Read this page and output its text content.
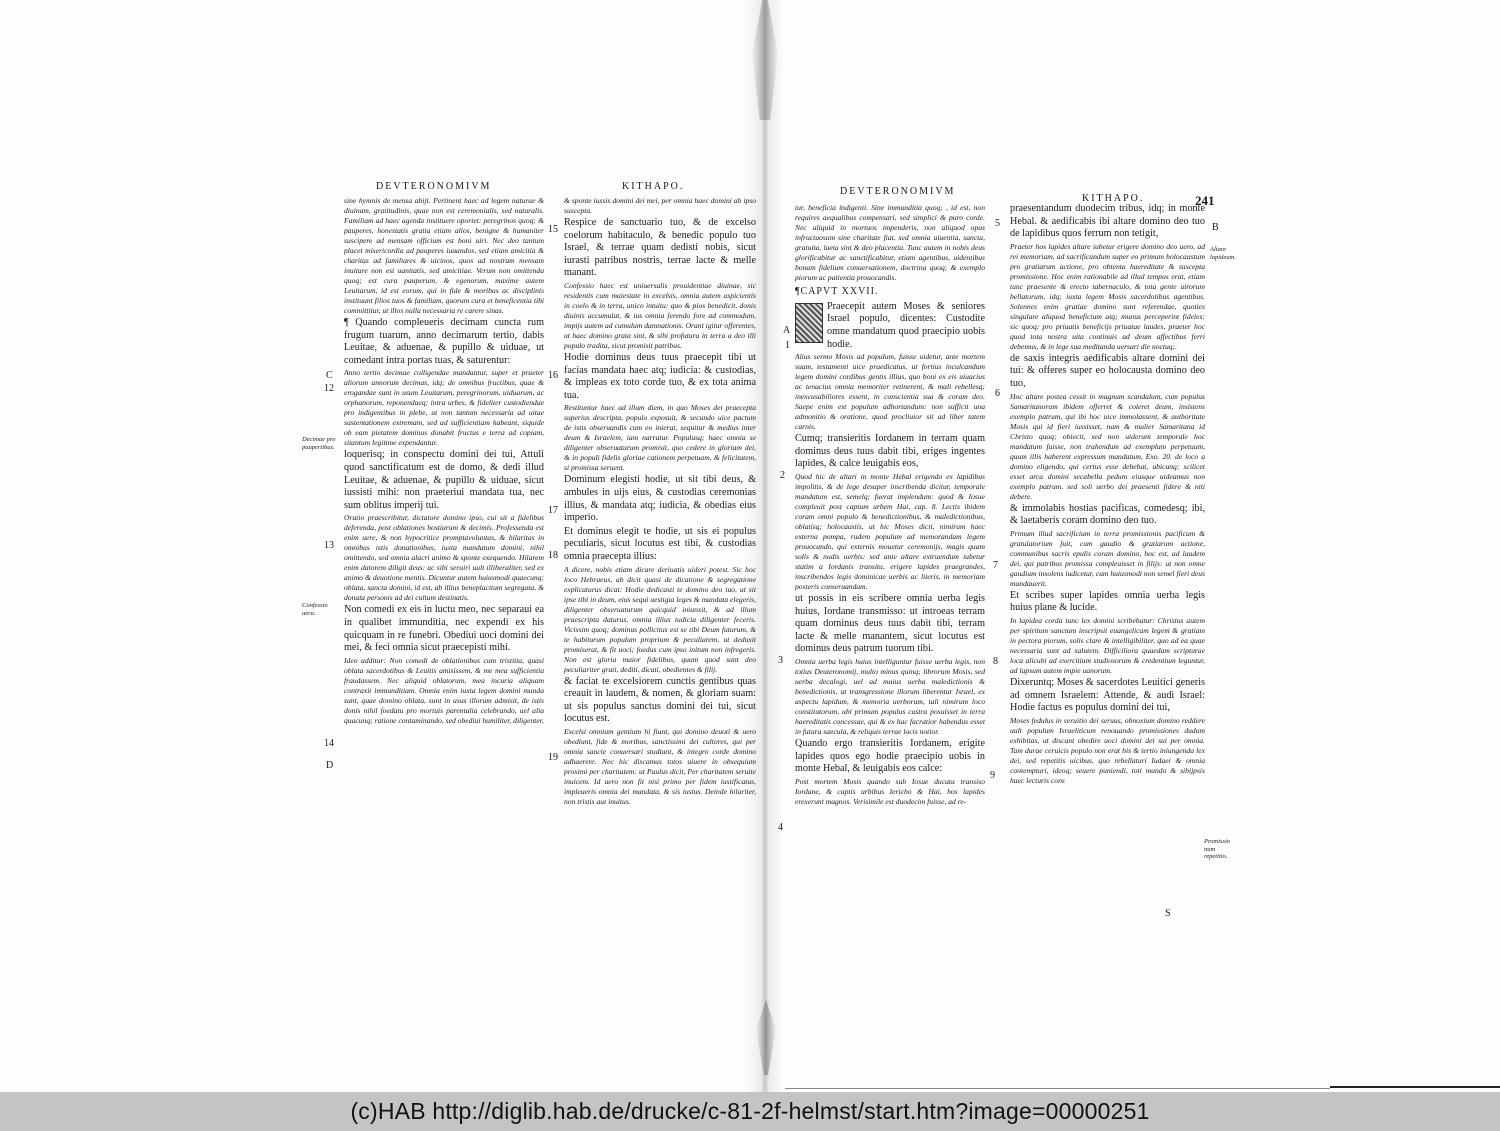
DEVTERONOMIVM	KITHAPO.

sine hymnis de mensa abijt. Pertinent haec ad legem naturae & diuinam, gratitudinis, quae non est ceremonialis, sed naturalis. Familiam ad haec agenda instituere oportet: peregrinos quoq; & pauperes, honestatis gratia etiam alios, benigne & humaniter suscipere ad mensam officium est boni uiri. Nec deo tantum placet misericordia ad pauperes iuuandos, sed etiam amicitia & charitas ad familiares & uicinos, quos ad nostram mensam inuitare non est uanitatis, sed amicitiae. Verum non omittenda quoq; est cura pauperum, & egenorum, maxime autem Leuitarum, id est eorum, qui in fide & moribus ac disciplinis instituunt filios tuos & familiam, quorum cura et beneficentia tibi committitur, ut illos nulla necessaria re carere sinas.

¶ Quando compleueris decimam cuncta rum frugum tuarum, anno decimarum tertio, dabis Leuitae, & aduenae, & pupillo & uiduae, ut comedant intra portas tuas, & saturentur:

Anno tertio decimae colligendae mandantur, super et praeter aliorum annorum decimas, idq; de omnibus fructibus, quae & erogandae sunt in usum Leuitarum, peregrinorum, uiduarum, ac orphanorum, reponendaeq; intra urbes, & fideliter custodiendae pro indigentibus in plebe, ut non tantum necessaria ad uitae sustentationem extremam, sed ad sufficientiam habeant, siquide ob eam pietatem dominus donabit fructus e terra ad copiam, sitantum legitime expendantur.

loquerisq; in conspectu domini dei tui, Attuli quod sanctificatum est de domo, & dedi illud Leuitae, & aduenae, & pupillo & uiduae, sicut iussisti mihi: non praeteriui mandata tua, nec sum oblitus imperij tui.

Oratio praescribitur, dictatore domino ipso, cui sit a fidelibus deferenda, post oblationes hostiarum & decimis. Professenda est enim uere, & non hypocritice promptavoluntas, & hilaritas in omnibus istis donationibus, iuxta mandatum domini, nihil omittendo, sed omnia alacri animo & sponte exequendo. Hilarem enim datorem diligit deus: ac sibi seruiri uult illiberaliter, sed ex animo & deuotione mentis. Dicuntur autem huiusmodi quaecunq; oblata, sancta domini, id est, ab illius beneplacitum segregata, & donata personis ad dei cultum destinatis.

Non comedi ex eis in luctu meo, nec separaui ea in qualibet immunditia, nec expendi ex his quicquam in re funebri. Obediui uoci domini dei mei, & feci omnia sicut praecepisti mihi.

Ideo additur: Non comedi de oblationibus cum tristitia, quasi oblata sacerdotibus & Leuitis amisissem, & me mea sufficientia fraudassem. Nec aliquid oblatorum, mea incuria aliquam contraxit immunditiam. Omnia enim iuxta legem domini munda sunt, quae domino oblata, sunt in usus illorum admisit, de istis donis nihil foedatu pro mortuis parentalia celebrando, uel alia quacunq; ratione contaminando, sed obediui humiliter, diligenter,

& sponte iussis domini dei mei, per omnia haec domini ab ipso suscepta.

Respice de sanctuario tuo, & de excelso coelorum habitaculo, & benedic populo tuo Israel, & terrae quam dedisti nobis, sicut iurasti patribus nostris, terrae lacte & melle manant.

Confessio haec est uniuersalis prouidentiae diuinae, sic residentis cum maiestate in excelsis, omnia autem aspicientis in coelo & in terra, unico intuitu: quo & pios benedicit, donis diuinis accumulat, & ius omnia ferendo fore ad commodum, impijs autem ad cumulum damnationis. Orant igitur offerentes, ut haec domino grata sint, & sibi profutura in terra a deo illi populo tradita, sicut promisit patribus.

Hodie dominus deus tuus praecepit tibi ut facias mandata haec atq; iudicia: & custodias, & impleas ex toto corde tuo, & ex tota anima tua.

Restituntur haec ad illum diem, in quo Moses dei praecepta superius descripta, populo exposuit, & secundo uice pactum de istis obseruandis cum eo inierat, sequitur & medius inter deum & Israelem, iam narratur. Populusq; haec omnia se diligenter obseruaturum promisit, quo cedere in gloriam dei, & in populi fidelis gloriae cationem perpetuam, & felicitatem, si promissa seruent.

Dominum elegisti hodie, ut sit tibi deus, & ambules in uijs eius, & custodias ceremonias illius, & mandata atq; iudicia, & obedias eius imperio.

Et dominus elegit te hodie, ut sis ei populus peculiaris, sicut locutus est tibi, & custodias omnia praecepta illius:

A dicere, nobis etiam dicare deriuatis uideri potest. Sic hoc loco Hebraeus, ab dicit quasi de dicatione & segregatione explicaturus dicat: Hodie dedicasti te domino deo tuo, ut sit ipse tibi in deum, eius sequi uestigia leges & mandata elegeris, diligenter obseruaturum quicquid iniunxit, & ad illum praescripta daturus, omnia illius iudicia diligenter feceris. Vicissim quoq; dominus pollicitus est se tibi Deum futurum, & te habiturum populum proprium & peculiarem, ut deduxit promiserat, & fit uoci; foedus cum ipso initum non infregeris. Non est gloria maior fidelibus, quam quod sunt deo peculiariter grati, dediti, dicati, obedientes & filij.

& faciat te excelsiorem cunctis gentibus quas creauit in laudem, & nomen, & gloriam suam: ut sis populus sanctus domini dei tui, sicut locutus est.

Excelsi omnium gentium hi fiunt, qui domino deuoti & uero obediunt, fide & moribus, sanctissimi dei cultores, qui per omnia sancte conuersari studiunt, & integro corde domino adhaerere. Nec hic discamus totos uiuere in obsequium proximi per charitatem: ut Paulus dicit, Per charitatem seruite inuicem. Id uero non fit nisi primo per fidem iustificatus, impleueris omnia dei mandata, & sis iustus. Deinde hilariter, non tristis aut inuitus.

C
D
12
13
14
15
16
17
18
19
Decimae pro paupertibus.
Confessio uera.
DEVTERONOMIVM
KITHAPO.	241

tur, beneficia indigenti. Sine immunditia quoq; , id est, non requires aequalibus compensari, sed simplici & puro corde. Nec aliquid in mortuos impenderis, non aliquod opus infructuosum sine charitate fiat, sed omnia uiuentia, sancta, gratuita, laeta sint & deo placentia. Tunc autem in nobis deus glorificabitur ac sanctificabitur, etiam agentibus, uidentibus bonam fidelium conuersationem, doctrina quoq; & exemplo piorum ac patientia prouocandis.

¶CAPVT XXVII.

Praecepit autem Moses & seniores Israel populo, dicentes: Custodite omne mandatum quod praecipio uobis hodie.

Alius sermo Mosis ad populum, fuisse uidetur, ante mortem suam, testamenti uice praedicatus, ut fortius inculcandum legem domini cordibus gentis illius, quo boni ex eis uiuacius ac tenacius omnia memoriter retinerent, & mali rebellesq; inexcusabiliores essent, in conscientia sua & coram deo. Saepe enim est populum adhortandum: non sufficit una admonitio & oratione, quod procliuior sit ad liber tatem carnis.

Cumq; transieritis Iordanem in terram quam dominus deus tuus dabit tibi, eriges ingentes lapides, & calce leuigabis eos,

Quod hic de altari in monte Hebal erigendo ex lapidibus impolitis, & de lege desuper inscribenda dicitur, temporale mandatum est, semelq; fuerat implendum: quod & Iosue compleuit post captum urbem Hai, cap. 8. Lectis ibidem coram omni populo & benedictionibus, & maledictionibus, oblatisq; holocaustis, ut hic Moses dicit, nimirum haec externa pompa, rudem populum ad memorandam legem prouocando, qui externis mouetur ceremonijs, magis quam solis & nudis uerbis: sed ante altare extruendum iubetur statim a Iordanis transitu, erigere lapides praegrandes, inscribendos legis dominicae uerbis ac literis, in memoriam posteris conseruandam.

ut possis in eis scribere omnia uerba legis huius, Iordane transmisso: ut introeas terram quam dominus deus tuus dabit tibi, terram lacte & melle manantem, sicut locutus est dominus deus patrum tuorum tibi.

Omnia uerba legis huius intelliguntur fuisse uerba legis, non totius Deuteronomij, multo minus quinq; librorum Mosis, sed uerba decalogi, uel ad maius uerba maledictionis & benedictionis, ut transgressione illorum liberentur Israel, ex aspectu lapidum, & memoria uerborum, tali nimirum loco constitutorum, ubi primum populus castra posuisset in terra haereditatis concessae, qui & ex hac facratior habendus esset in futura saecula, & reliquis terrae locis notior.

Quando ergo transieritis Iordanem, erigite lapides quos ego hodie praecipio uobis in monte Hebal, & leuigabis eos calce:

Post mortem Mosis quando sub Iosue ducatu transiso Iordane, & captis urbibus Iericho & Hai, hos lapides erexerunt magnos. Verisimile est duodecim fuisse, ad re-

praesentandum duodecim tribus, idq; in monte Hebal. & aedificabis ibi altare domino deo tuo de lapidibus quos ferrum non tetigit,

Praeter hos lapides altare iubetur erigere domino deo uero, ad rei memoriam, ad sacrificandum super eo primum holocaustum pro gratiarum actione, pro obtenta haereditate & suscepta promissione. Hoc enim rationabile ad illud tempus erat, etiam tunc praesente & erecto tabernaculo, & tota gente uirorum bellatorum, idq; iuxta legem Mosis sacerdotibus agentibus. Solennes enim gratiae domino sunt referendae, quoties singulare aliquod beneficium atq; munus perceperint fideles: sic quoq; pro priuatis beneficijs priuatae laudes, praeter hoc quod tota nostra uita continuis ad deum affectibus ferri debemus, & in lege sua meditanda uersari die noctuq;.

de saxis integris aedificabis altare domini dei tui: & offeres super eo holocausta domino deo tuo,

Hoc altare postea cessit in magnum scandalum, cum populus Samaritanorum ibidem offerret & coleret deum, insistens exemplo patrum, qui ibi hoc uice immolassent, & authoritate Mosis qui id fieri iussisset, nam & mulier Samaritana id Christo quoq; obiecit, sed non uiderunt temporale hoc mandatum fuisse, non trahendum ad exemplum perpetuum, quum illis haberent expressum mandatum, Exo. 20. de loco a domino eligendo, qui certus esse debebat, ubicunq; scilicet esset arca domini secabella pedum eiusque uideamus non exemplo patrum, sed soli uerbo dei praesenti fidere & niti debere.

& immolabis hostias pacificas, comedesq; ibi, & laetaberis coram domino deo tuo.

Primum illud sacrificium in terra promissionis pacificum & gratulatorium fuit, cum gaudio & gratiarum actione, communibus sacris epulis coram domino, hoc est, ad laudem dei, qui patribus promissa compleuisset in filijs: ut non omne gaudium insolens iudicetur, cum huiusmodi non semel fieri deus mandauerit.

Et scribes super lapides omnia uerba legis huius plane & lucide.

In lapidea corda tunc lex domini scribebatur: Christus autem per spiritum sanctum inscripsit euangelicam legem & gratiam in pectora piorum, solis clare & intelligibiliter, quo ad ea quae necessaria sunt ad salutem. Difficiliora quaedam scripturae loca alicubi ad exercitium studiosorum & credentium leguntur, ad lapsum autem impie uanorum.

Dixeruntq; Moses & sacerdotes Leuitici generis ad omnem Israelem: Attende, & audi Israel: Hodie factus es populus domini dei tui,

Moses fedulus in seruitio dei seruus, obnoxium domino reddere uult populum Israeliticum renouando promissiones dudum exhibitas, ut discant obedire uoci domini dei sui per omnia. Tam durae ceruicis populo non erat bis & tertio iniungenda lex dei, sed repetitis uicibus, quo rebellaturi Iudaei & omnia contempturi, ideoq; seuere puniendi, toti mundo & sibijpsis haec lecturis cons

A
B
1
2
3
4
5
6
7
8
9
Altare lapideum.
Promissio num repetitio.
S
(c)HAB http://diglib.hab.de/drucke/c-81-2f-helmst/start.htm?image=00000251
